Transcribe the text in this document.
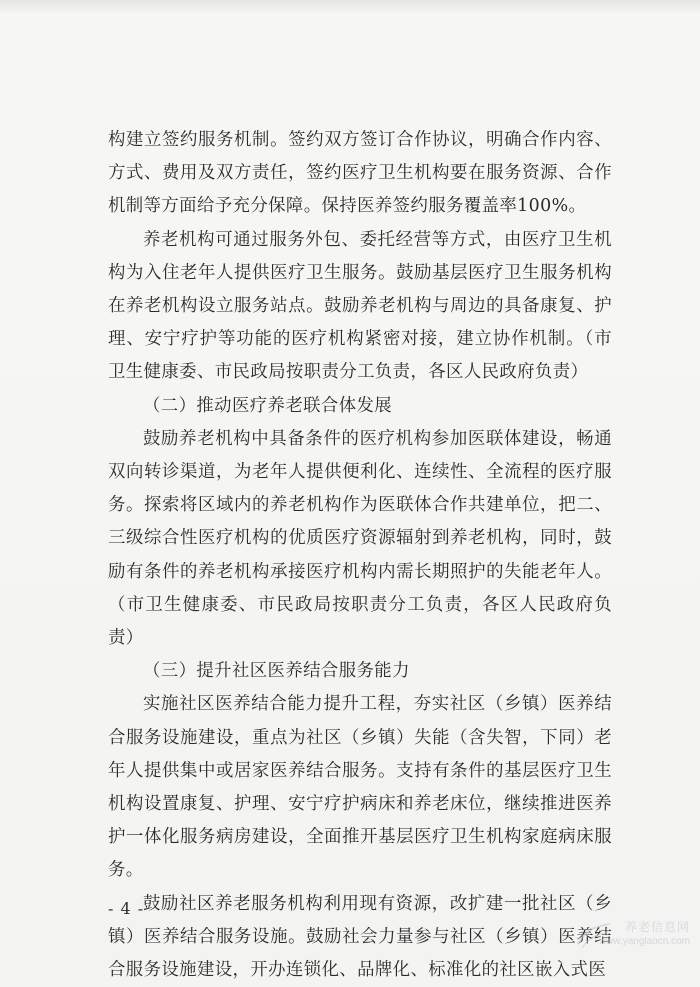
构建立签约服务机制。签约双方签订合作协议，明确合作内容、方式、费用及双方责任，签约医疗卫生机构要在服务资源、合作机制等方面给予充分保障。保持医养签约服务覆盖率100%。

养老机构可通过服务外包、委托经营等方式，由医疗卫生机构为入住老年人提供医疗卫生服务。鼓励基层医疗卫生服务机构在养老机构设立服务站点。鼓励养老机构与周边的具备康复、护理、安宁疗护等功能的医疗机构紧密对接，建立协作机制。（市卫生健康委、市民政局按职责分工负责，各区人民政府负责）

（二）推动医疗养老联合体发展

鼓励养老机构中具备条件的医疗机构参加医联体建设，畅通双向转诊渠道，为老年人提供便利化、连续性、全流程的医疗服务。探索将区域内的养老机构作为医联体合作共建单位，把二、三级综合性医疗机构的优质医疗资源辐射到养老机构，同时，鼓励有条件的养老机构承接医疗机构内需长期照护的失能老年人。（市卫生健康委、市民政局按职责分工负责，各区人民政府负责）

（三）提升社区医养结合服务能力

实施社区医养结合能力提升工程，夯实社区（乡镇）医养结合服务设施建设，重点为社区（乡镇）失能（含失智，下同）老年人提供集中或居家医养结合服务。支持有条件的基层医疗卫生机构设置康复、护理、安宁疗护病床和养老床位，继续推进医养护一体化服务病房建设，全面推开基层医疗卫生机构家庭病床服务。

鼓励社区养老服务机构利用现有资源，改扩建一批社区（乡镇）医养结合服务设施。鼓励社会力量参与社区（乡镇）医养结合服务设施建设，开办连锁化、品牌化、标准化的社区嵌入式医

- 4 -
养老信息网
www.yanglaocn.com
